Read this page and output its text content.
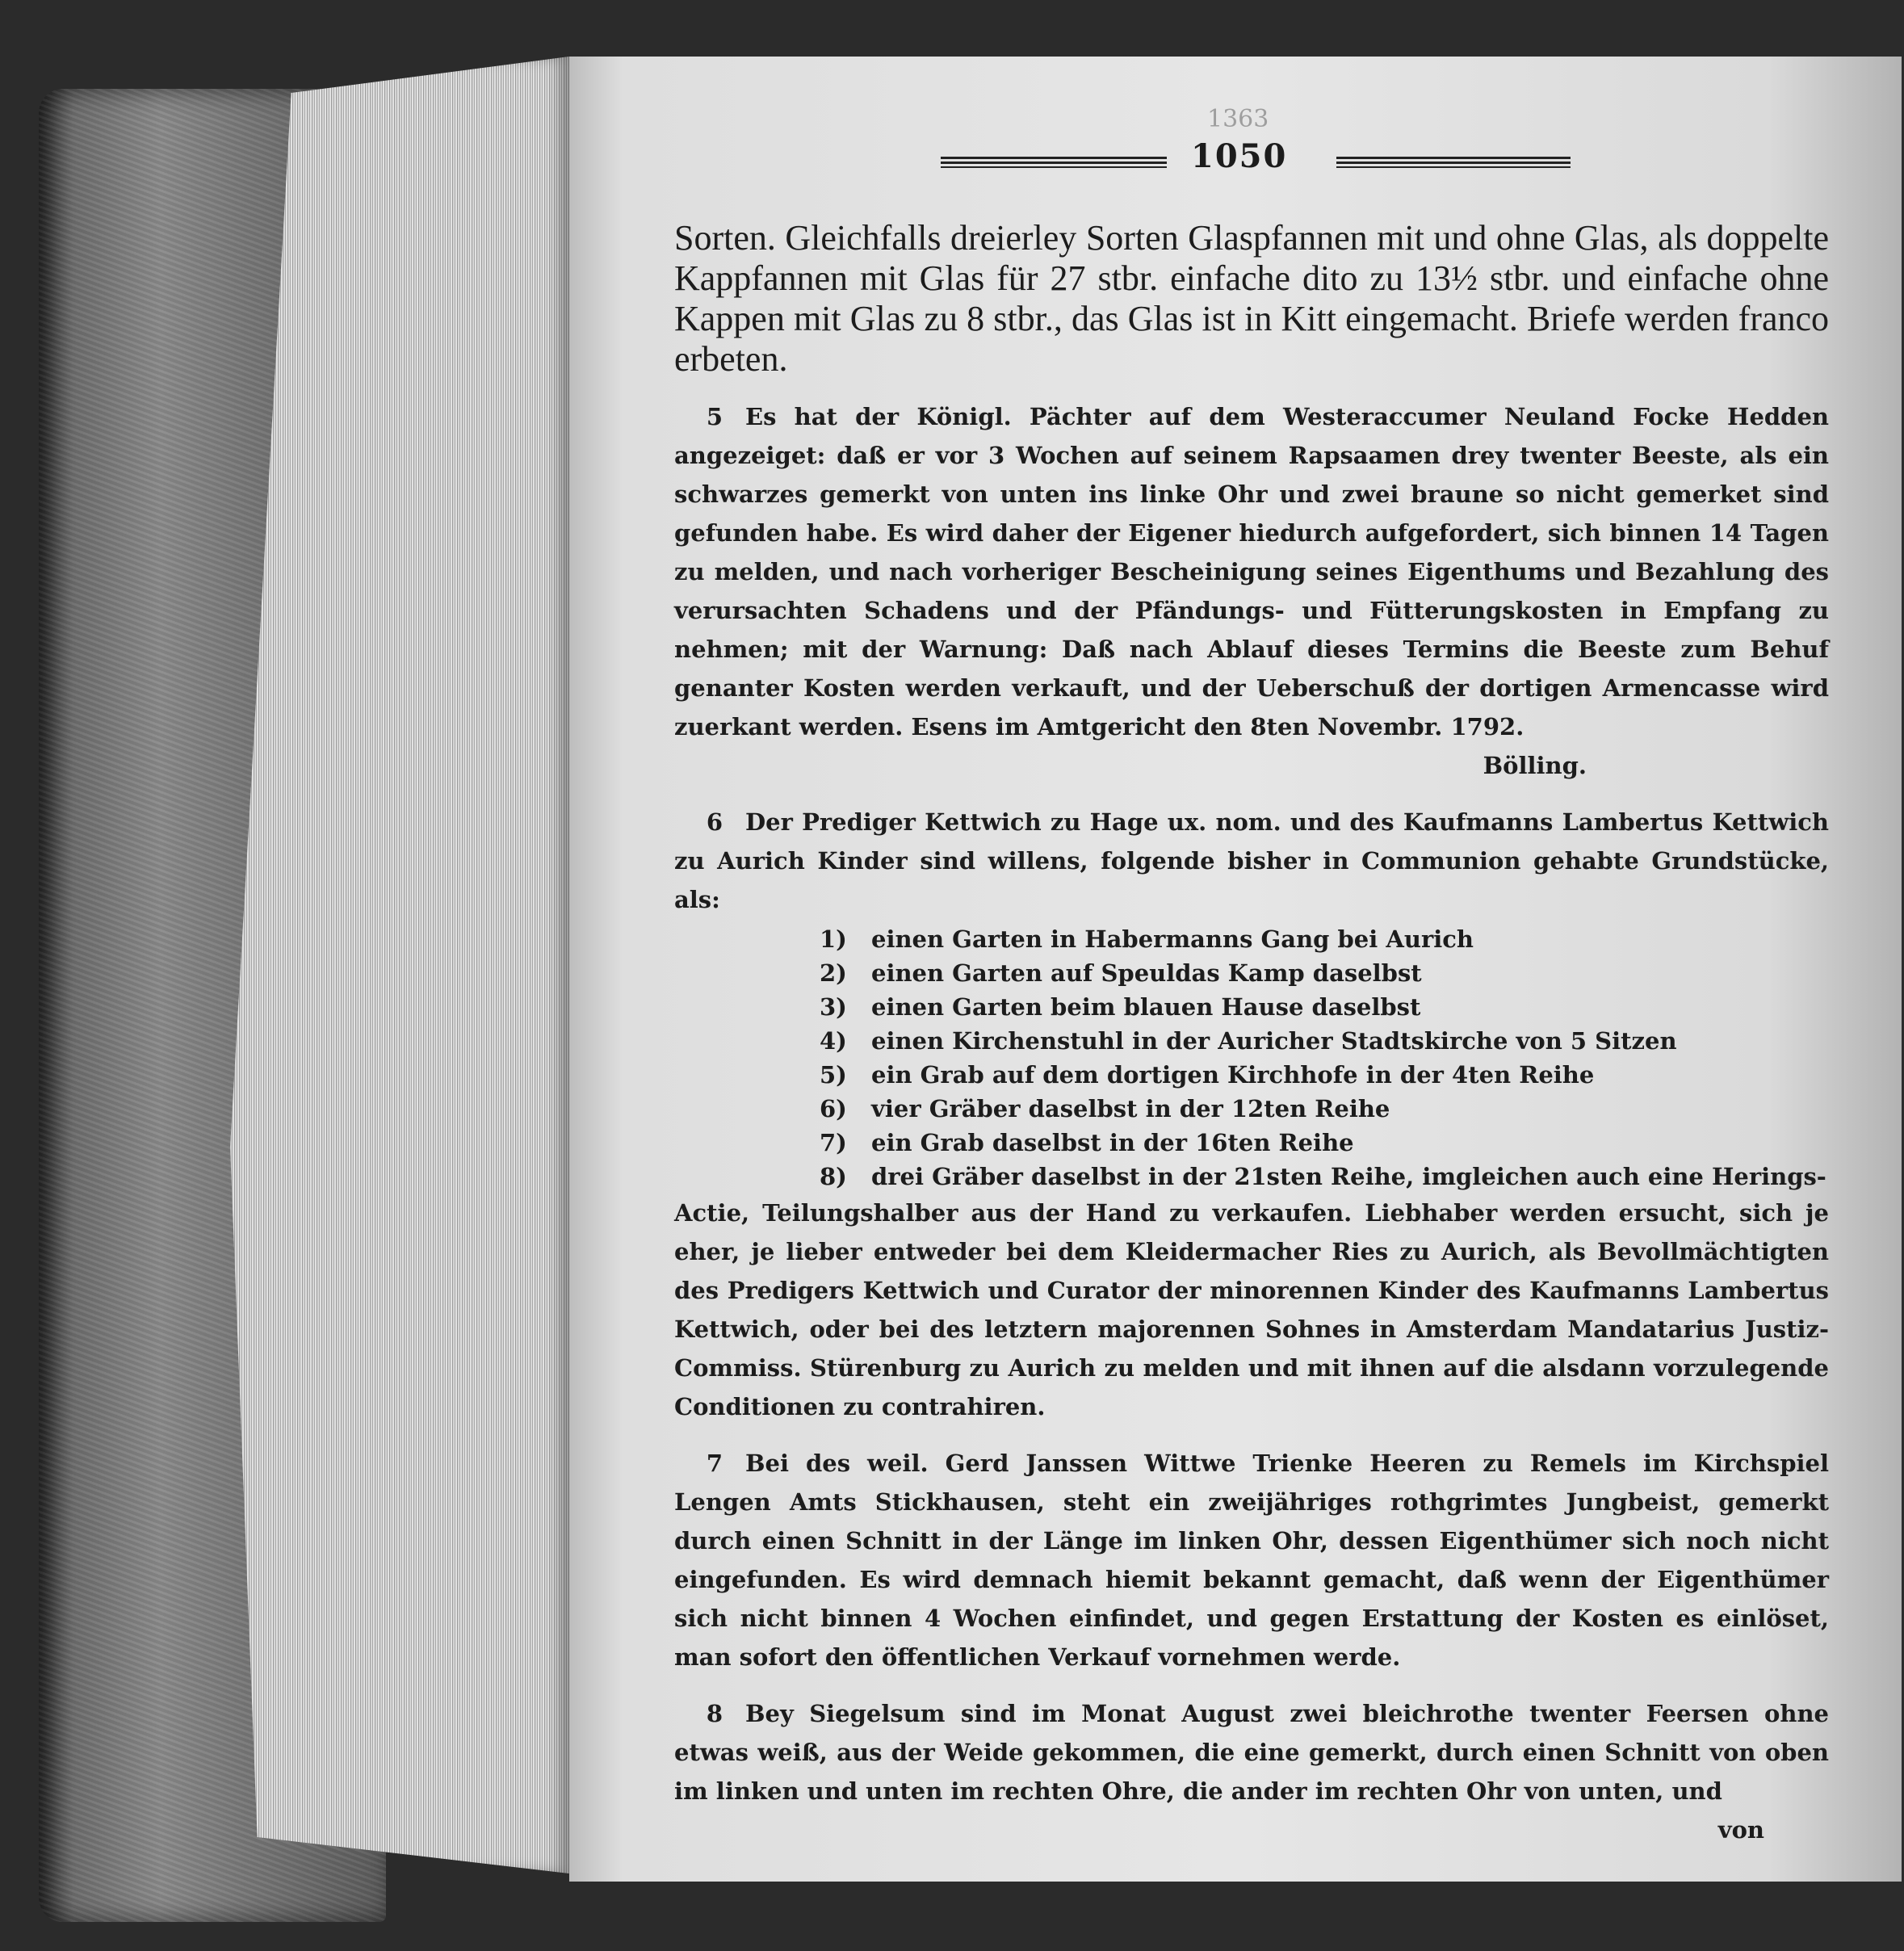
1363
1050

Sorten. Gleichfalls dreierley Sorten Glaspfannen mit und ohne Glas, als doppelte Kappfannen mit Glas für 27 stbr. einfache dito zu 13½ stbr. und einfache ohne Kappen mit Glas zu 8 stbr., das Glas ist in Kitt eingemacht. Briefe werden franco erbeten.

5 Es hat der Königl. Pächter auf dem Westeraccumer Neuland Focke Hedden angezeiget: daß er vor 3 Wochen auf seinem Rapsaamen drey twenter Beeste, als ein schwarzes gemerkt von unten ins linke Ohr und zwei braune so nicht gemerket sind gefunden habe. Es wird daher der Eigener hiedurch aufgefordert, sich binnen 14 Tagen zu melden, und nach vorheriger Bescheinigung seines Eigenthums und Bezahlung des verursachten Schadens und der Pfändungs- und Fütterungskosten in Empfang zu nehmen; mit der Warnung: Daß nach Ablauf dieses Termins die Beeste zum Behuf genanter Kosten werden verkauft, und der Ueberschuß der dortigen Armencasse wird zuerkant werden. Esens im Amtgericht den 8ten Novembr. 1792.

Bölling.

6 Der Prediger Kettwich zu Hage ux. nom. und des Kaufmanns Lambertus Kettwich zu Aurich Kinder sind willens, folgende bisher in Communion gehabte Grundstücke, als:

1) einen Garten in Habermanns Gang bei Aurich
2) einen Garten auf Speuldas Kamp daselbst
3) einen Garten beim blauen Hause daselbst
4) einen Kirchenstuhl in der Auricher Stadtskirche von 5 Sitzen
5) ein Grab auf dem dortigen Kirchhofe in der 4ten Reihe
6) vier Gräber daselbst in der 12ten Reihe
7) ein Grab daselbst in der 16ten Reihe
8) drei Gräber daselbst in der 21sten Reihe, imgleichen auch eine Herings-

Actie, Teilungshalber aus der Hand zu verkaufen. Liebhaber werden ersucht, sich je eher, je lieber entweder bei dem Kleidermacher Ries zu Aurich, als Bevollmächtigten des Predigers Kettwich und Curator der minorennen Kinder des Kaufmanns Lambertus Kettwich, oder bei des letztern majorennen Sohnes in Amsterdam Mandatarius Justiz-Commiss. Stürenburg zu Aurich zu melden und mit ihnen auf die alsdann vorzulegende Conditionen zu contrahiren.

7 Bei des weil. Gerd Janssen Wittwe Trienke Heeren zu Remels im Kirchspiel Lengen Amts Stickhausen, steht ein zweijähriges rothgrimtes Jungbeist, gemerkt durch einen Schnitt in der Länge im linken Ohr, dessen Eigenthümer sich noch nicht eingefunden. Es wird demnach hiemit bekannt gemacht, daß wenn der Eigenthümer sich nicht binnen 4 Wochen einfindet, und gegen Erstattung der Kosten es einlöset, man sofort den öffentlichen Verkauf vornehmen werde.

8 Bey Siegelsum sind im Monat August zwei bleichrothe twenter Feersen ohne etwas weiß, aus der Weide gekommen, die eine gemerkt, durch einen Schnitt von oben im linken und unten im rechten Ohre, die ander im rechten Ohr von unten, und

von
